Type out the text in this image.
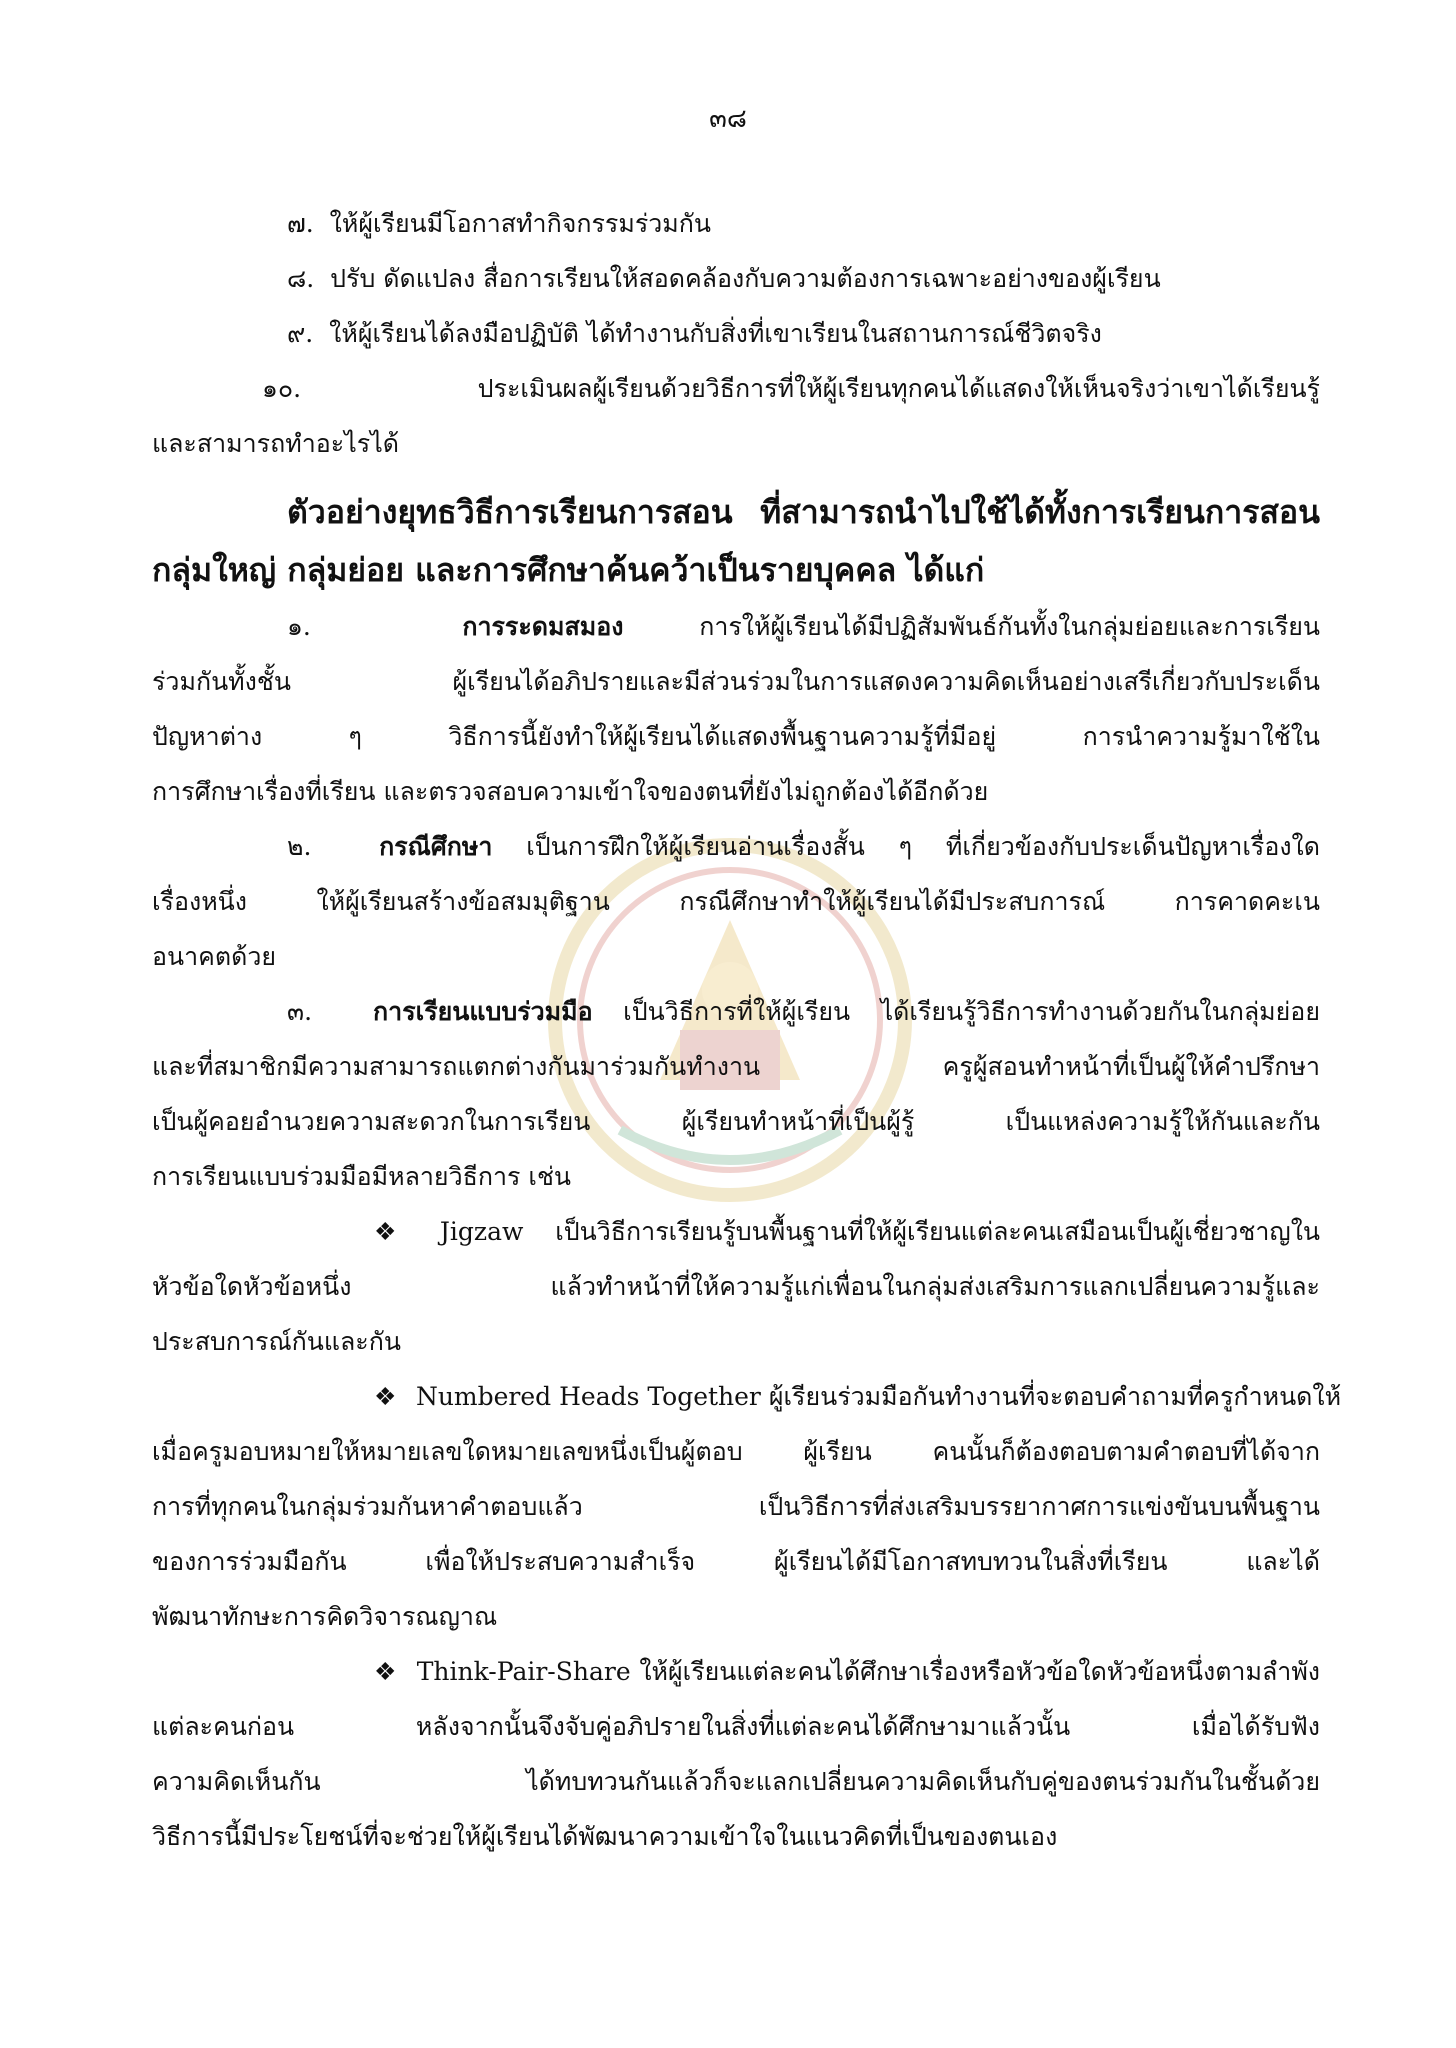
๓๘
๗. ให้ผู้เรียนมีโอกาสทำกิจกรรมร่วมกัน
๘. ปรับ ดัดแปลง สื่อการเรียนให้สอดคล้องกับความต้องการเฉพาะอย่างของผู้เรียน
๙. ให้ผู้เรียนได้ลงมือปฏิบัติ ได้ทำงานกับสิ่งที่เขาเรียนในสถานการณ์ชีวิตจริง
๑๐.	ประเมินผลผู้เรียนด้วยวิธีการที่ให้ผู้เรียนทุกคนได้แสดงให้เห็นจริงว่าเขาได้เรียนรู้
และสามารถทำอะไรได้
ตัวอย่างยุทธวิธีการเรียนการสอน ที่สามารถนำไปใช้ได้ทั้งการเรียนการสอน
กลุ่มใหญ่ กลุ่มย่อย และการศึกษาค้นคว้าเป็นรายบุคคล ได้แก่
๑.	การระดมสมอง	การให้ผู้เรียนได้มีปฏิสัมพันธ์กันทั้งในกลุ่มย่อยและการเรียน
ร่วมกันทั้งชั้น ผู้เรียนได้อภิปรายและมีส่วนร่วมในการแสดงความคิดเห็นอย่างเสรีเกี่ยวกับประเด็น
ปัญหาต่าง ๆ วิธีการนี้ยังทำให้ผู้เรียนได้แสดงพื้นฐานความรู้ที่มีอยู่ การนำความรู้มาใช้ใน
การศึกษาเรื่องที่เรียน และตรวจสอบความเข้าใจของตนที่ยังไม่ถูกต้องได้อีกด้วย
๒.	กรณีศึกษา เป็นการฝึกให้ผู้เรียนอ่านเรื่องสั้น ๆ ที่เกี่ยวข้องกับประเด็นปัญหาเรื่องใด
เรื่องหนึ่ง ให้ผู้เรียนสร้างข้อสมมุติฐาน กรณีศึกษาทำให้ผู้เรียนได้มีประสบการณ์ การคาดคะเน
อนาคตด้วย
๓. การเรียนแบบร่วมมือ เป็นวิธีการที่ให้ผู้เรียน ได้เรียนรู้วิธีการทำงานด้วยกันในกลุ่มย่อย
และที่สมาชิกมีความสามารถแตกต่างกันมาร่วมกันทำงาน ครูผู้สอนทำหน้าที่เป็นผู้ให้คำปรึกษา
เป็นผู้คอยอำนวยความสะดวกในการเรียน ผู้เรียนทำหน้าที่เป็นผู้รู้ เป็นแหล่งความรู้ให้กันและกัน
การเรียนแบบร่วมมือมีหลายวิธีการ เช่น
❖ Jigzaw เป็นวิธีการเรียนรู้บนพื้นฐานที่ให้ผู้เรียนแต่ละคนเสมือนเป็นผู้เชี่ยวชาญใน
หัวข้อใดหัวข้อหนึ่ง แล้วทำหน้าที่ให้ความรู้แก่เพื่อนในกลุ่มส่งเสริมการแลกเปลี่ยนความรู้และ
ประสบการณ์กันและกัน
❖ Numbered Heads Together ผู้เรียนร่วมมือกันทำงานที่จะตอบคำถามที่ครูกำหนดให้
เมื่อครูมอบหมายให้หมายเลขใดหมายเลขหนึ่งเป็นผู้ตอบ ผู้เรียน คนนั้นก็ต้องตอบตามคำตอบที่ได้จาก
การที่ทุกคนในกลุ่มร่วมกันหาคำตอบแล้ว เป็นวิธีการที่ส่งเสริมบรรยากาศการแข่งขันบนพื้นฐาน
ของการร่วมมือกัน เพื่อให้ประสบความสำเร็จ ผู้เรียนได้มีโอกาสทบทวนในสิ่งที่เรียน และได้
พัฒนาทักษะการคิดวิจารณญาณ
❖ Think-Pair-Share ให้ผู้เรียนแต่ละคนได้ศึกษาเรื่องหรือหัวข้อใดหัวข้อหนึ่งตามลำพัง
แต่ละคนก่อน หลังจากนั้นจึงจับคู่อภิปรายในสิ่งที่แต่ละคนได้ศึกษามาแล้วนั้น เมื่อได้รับฟัง
ความคิดเห็นกัน ได้ทบทวนกันแล้วก็จะแลกเปลี่ยนความคิดเห็นกับคู่ของตนร่วมกันในชั้นด้วย
วิธีการนี้มีประโยชน์ที่จะช่วยให้ผู้เรียนได้พัฒนาความเข้าใจในแนวคิดที่เป็นของตนเอง
